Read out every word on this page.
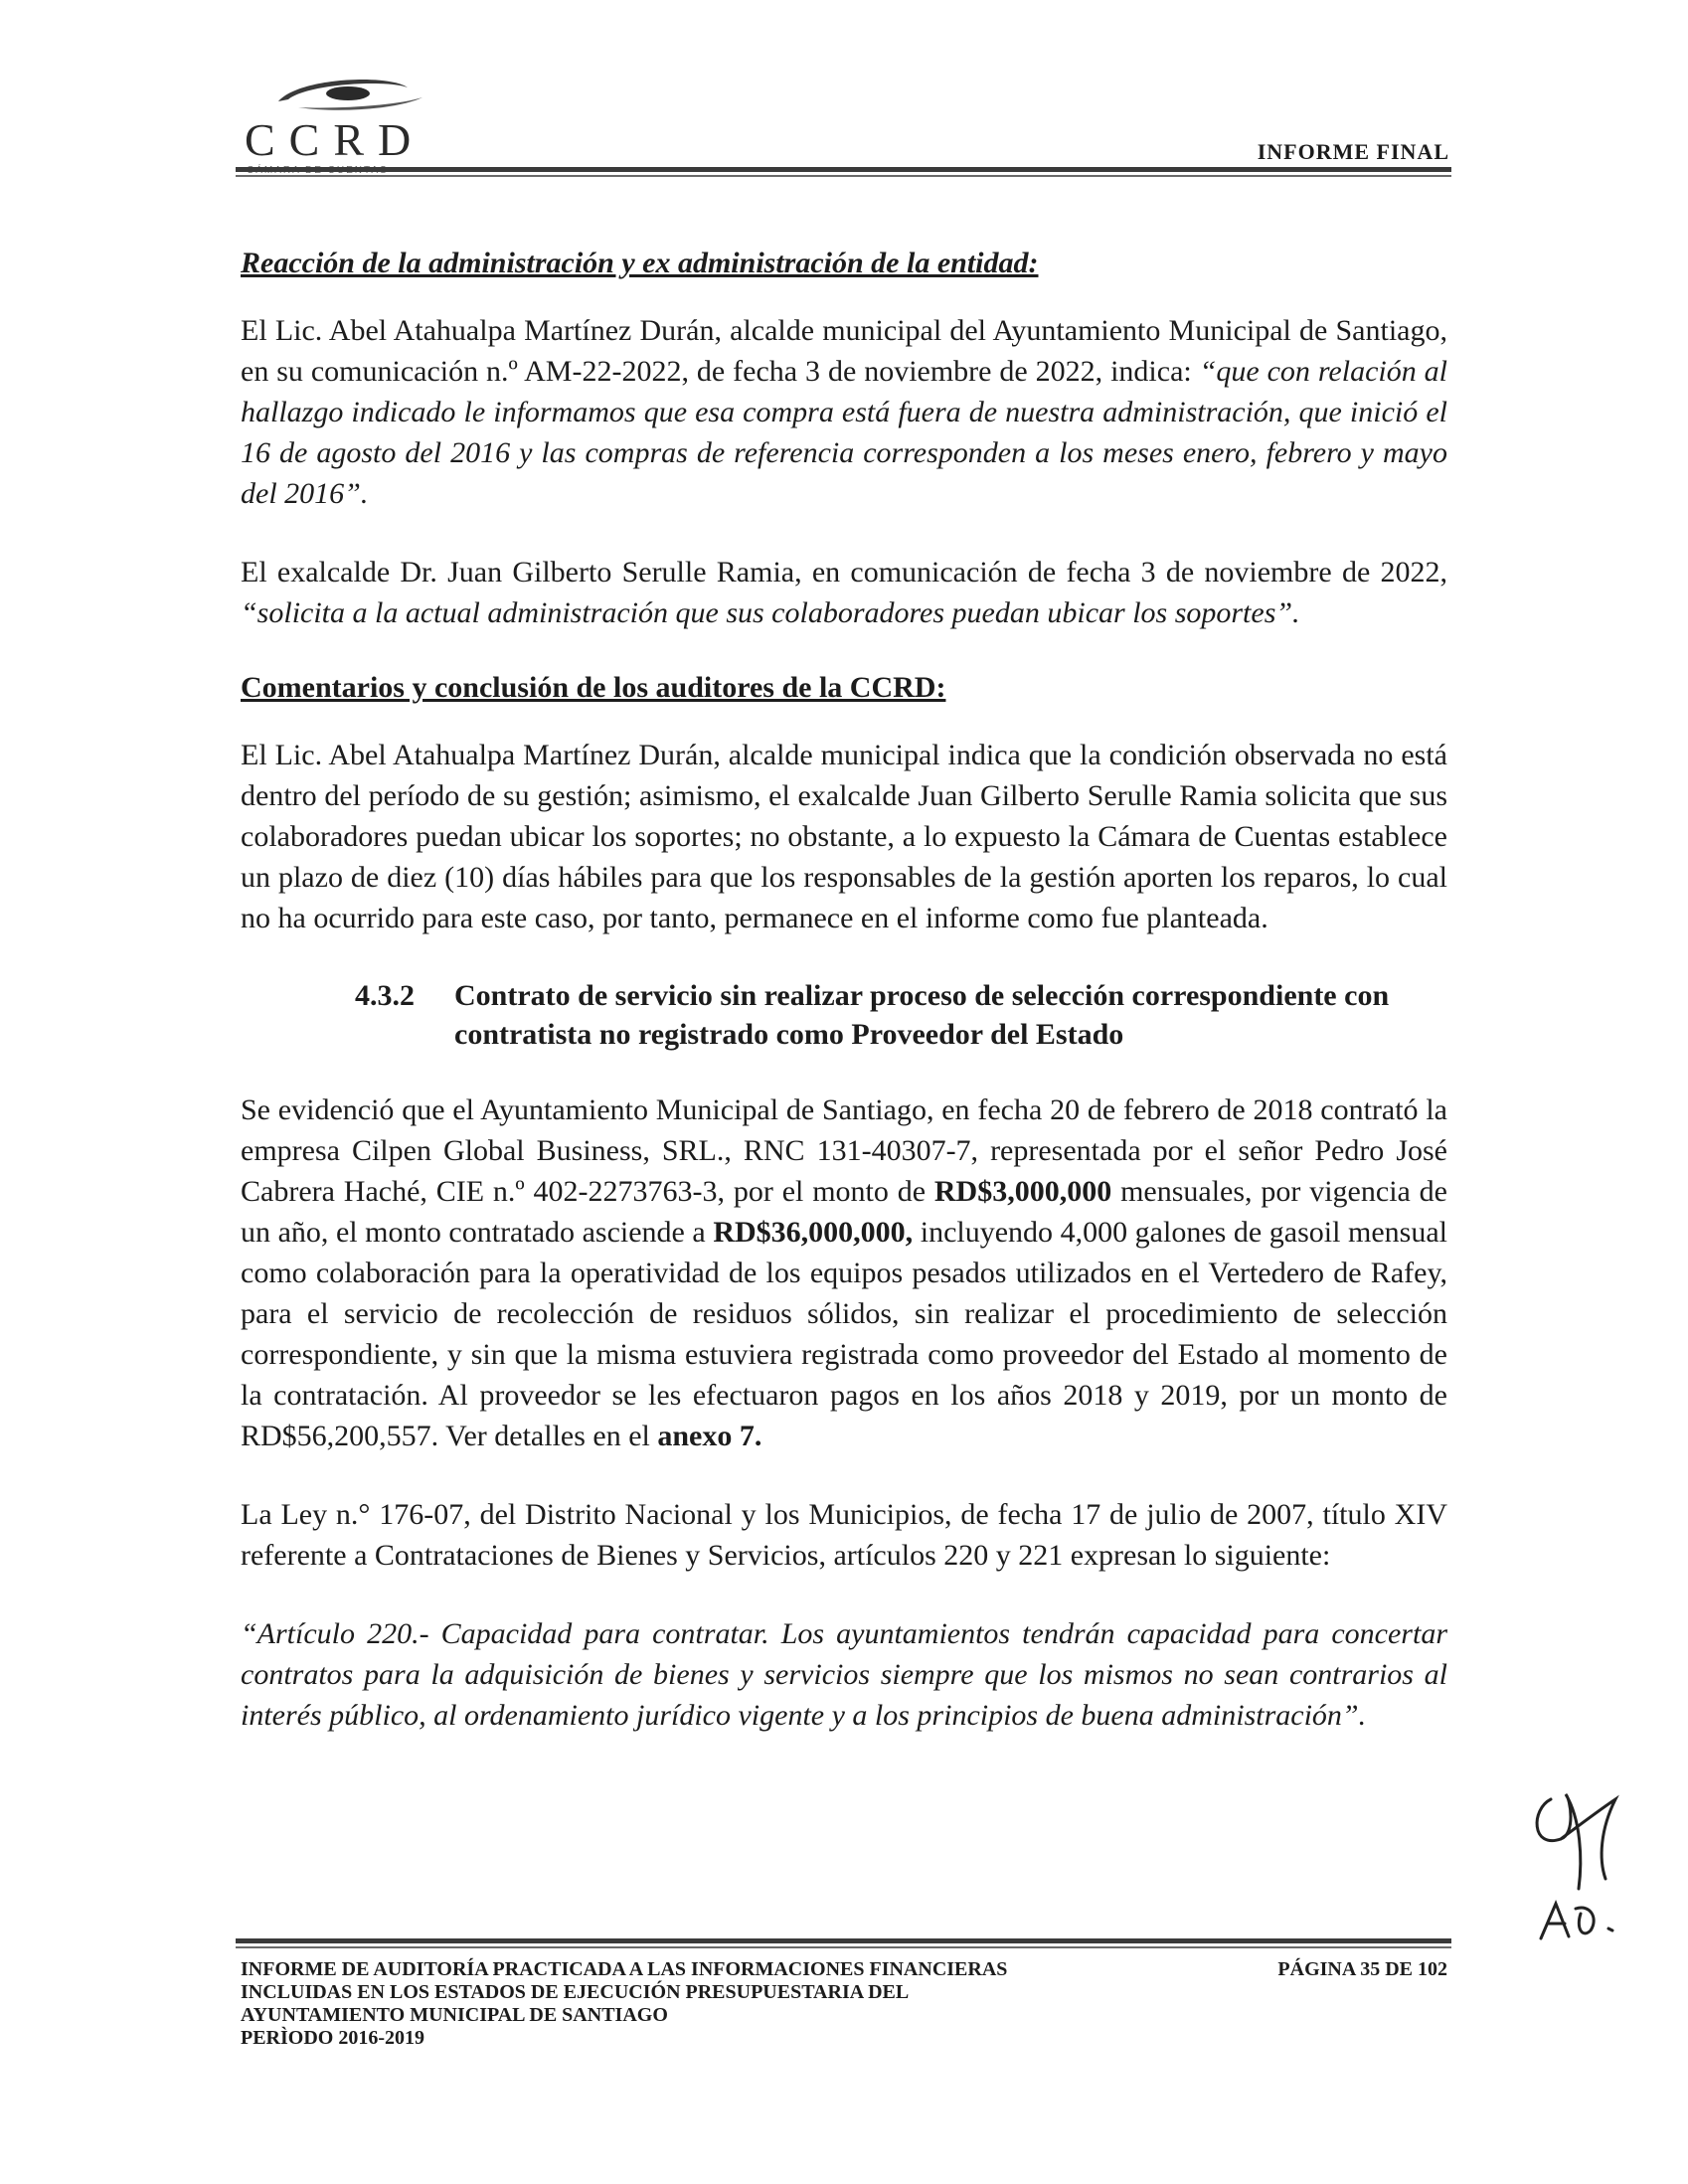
CCRD	INFORME FINAL
Reacción de la administración y ex administración de la entidad:

El Lic. Abel Atahualpa Martínez Durán, alcalde municipal del Ayuntamiento Municipal de Santiago, en su comunicación n.º AM-22-2022, de fecha 3 de noviembre de 2022, indica: “que con relación al hallazgo indicado le informamos que esa compra está fuera de nuestra administración, que inició el 16 de agosto del 2016 y las compras de referencia corresponden a los meses enero, febrero y mayo del 2016”.

El exalcalde Dr. Juan Gilberto Serulle Ramia, en comunicación de fecha 3 de noviembre de 2022, “solicita a la actual administración que sus colaboradores puedan ubicar los soportes”.

Comentarios y conclusión de los auditores de la CCRD:

El Lic. Abel Atahualpa Martínez Durán, alcalde municipal indica que la condición observada no está dentro del período de su gestión; asimismo, el exalcalde Juan Gilberto Serulle Ramia solicita que sus colaboradores puedan ubicar los soportes; no obstante, a lo expuesto la Cámara de Cuentas establece un plazo de diez (10) días hábiles para que los responsables de la gestión aporten los reparos, lo cual no ha ocurrido para este caso, por tanto, permanece en el informe como fue planteada.

4.3.2 Contrato de servicio sin realizar proceso de selección correspondiente con contratista no registrado como Proveedor del Estado

Se evidenció que el Ayuntamiento Municipal de Santiago, en fecha 20 de febrero de 2018 contrató la empresa Cilpen Global Business, SRL., RNC 131-40307-7, representada por el señor Pedro José Cabrera Haché, CIE n.º 402-2273763-3, por el monto de RD$3,000,000 mensuales, por vigencia de un año, el monto contratado asciende a RD$36,000,000, incluyendo 4,000 galones de gasoil mensual como colaboración para la operatividad de los equipos pesados utilizados en el Vertedero de Rafey, para el servicio de recolección de residuos sólidos, sin realizar el procedimiento de selección correspondiente, y sin que la misma estuviera registrada como proveedor del Estado al momento de la contratación. Al proveedor se les efectuaron pagos en los años 2018 y 2019, por un monto de RD$56,200,557. Ver detalles en el anexo 7.

La Ley n.° 176-07, del Distrito Nacional y los Municipios, de fecha 17 de julio de 2007, título XIV referente a Contrataciones de Bienes y Servicios, artículos 220 y 221 expresan lo siguiente:

“Artículo 220.- Capacidad para contratar. Los ayuntamientos tendrán capacidad para concertar contratos para la adquisición de bienes y servicios siempre que los mismos no sean contrarios al interés público, al ordenamiento jurídico vigente y a los principios de buena administración”.

INFORME DE AUDITORÍA PRACTICADA A LAS INFORMACIONES FINANCIERAS
INCLUIDAS EN LOS ESTADOS DE EJECUCIÓN PRESUPUESTARIA DEL
AYUNTAMIENTO MUNICIPAL DE SANTIAGO
PERÌODO 2016-2019
PÁGINA 35 DE 102
